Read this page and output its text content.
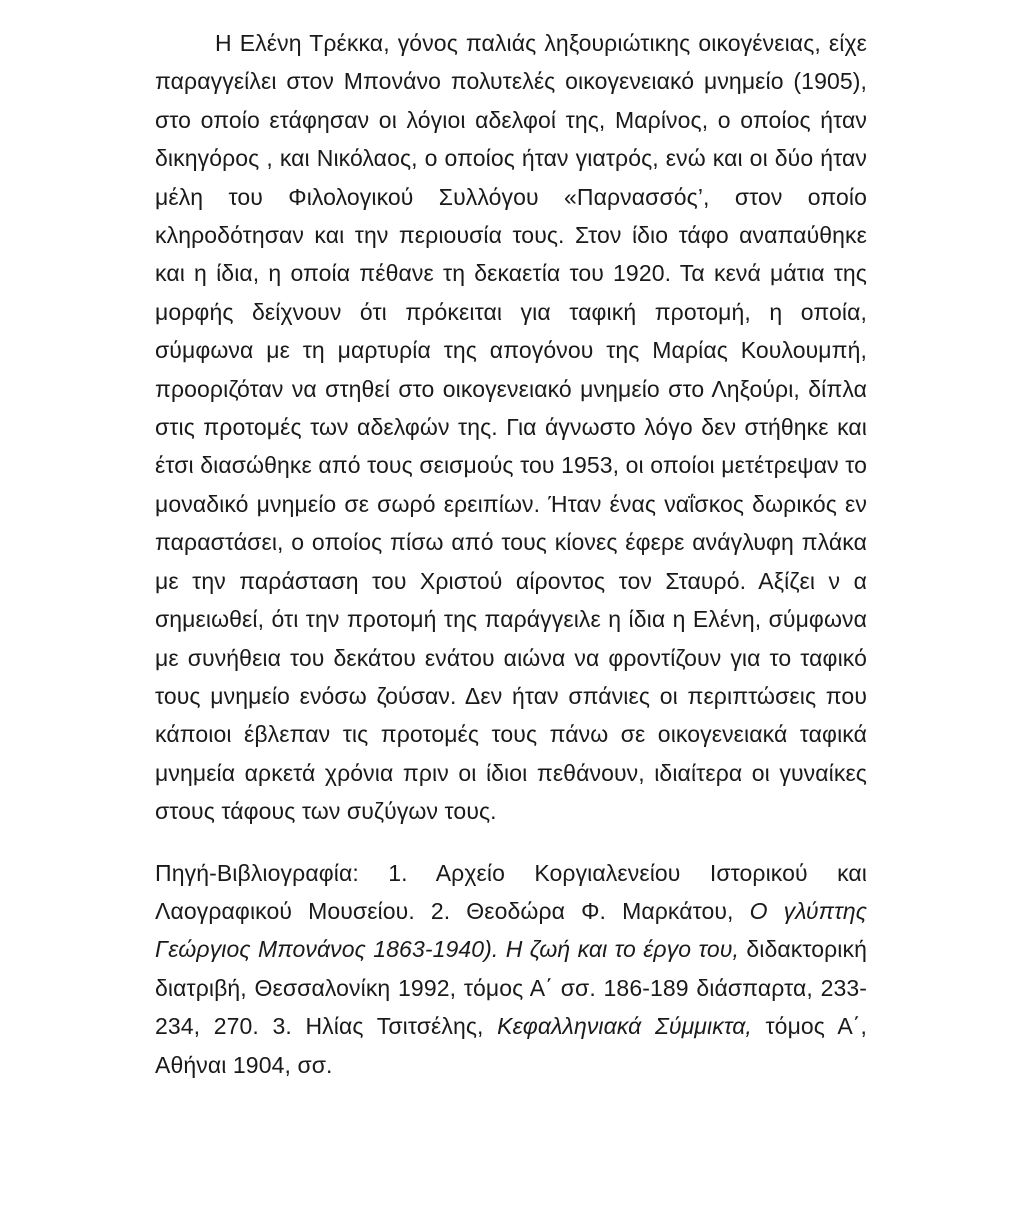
Η Ελένη Τρέκκα, γόνος παλιάς ληξουριώτικης οικογένειας, είχε παραγγείλει στον Μπονάνο πολυτελές οικογενειακό μνημείο (1905), στο οποίο ετάφησαν οι λόγιοι αδελφοί της, Μαρίνος, ο οποίος ήταν δικηγόρος , και Νικόλαος, ο οποίος ήταν γιατρός, ενώ και οι δύο ήταν μέλη του Φιλολογικού Συλλόγου «Παρνασσός’, στον οποίο κληροδότησαν και την περιουσία τους. Στον ίδιο τάφο αναπαύθηκε και η ίδια, η οποία πέθανε τη δεκαετία του 1920. Τα κενά μάτια της μορφής δείχνουν ότι πρόκειται για ταφική προτομή, η οποία, σύμφωνα με τη μαρτυρία της απογόνου της Μαρίας Κουλουμπή, προοριζόταν να στηθεί στο οικογενειακό μνημείο στο Ληξούρι, δίπλα στις προτομές των αδελφών της. Για άγνωστο λόγο δεν στήθηκε και έτσι διασώθηκε από τους σεισμούς του 1953, οι οποίοι μετέτρεψαν το μοναδικό μνημείο σε σωρό ερειπίων. Ήταν ένας ναΐσκος δωρικός εν παραστάσει, ο οποίος πίσω από τους κίονες έφερε ανάγλυφη πλάκα με την παράσταση του Χριστού αίροντος τον Σταυρό. Αξίζει ν α σημειωθεί, ότι την προτομή της παράγγειλε η ίδια η Ελένη, σύμφωνα με συνήθεια του δεκάτου ενάτου αιώνα να φροντίζουν για το ταφικό τους μνημείο ενόσω ζούσαν. Δεν ήταν σπάνιες οι περιπτώσεις που κάποιοι έβλεπαν τις προτομές τους πάνω σε οικογενειακά ταφικά μνημεία αρκετά χρόνια πριν οι ίδιοι πεθάνουν, ιδιαίτερα οι γυναίκες στους τάφους των συζύγων τους.

Πηγή-Βιβλιογραφία: 1. Αρχείο Κοργιαλενείου Ιστορικού και Λαογραφικού Μουσείου. 2. Θεοδώρα Φ. Μαρκάτου, Ο γλύπτης Γεώργιος Μπονάνος 1863-1940). Η ζωή και το έργο του, διδακτορική διατριβή, Θεσσαλονίκη 1992, τόμος Α΄ σσ. 186-189 διάσπαρτα, 233-234, 270. 3. Ηλίας Τσιτσέλης, Κεφαλληνιακά Σύμμικτα, τόμος Α΄, Αθήναι 1904, σσ.
